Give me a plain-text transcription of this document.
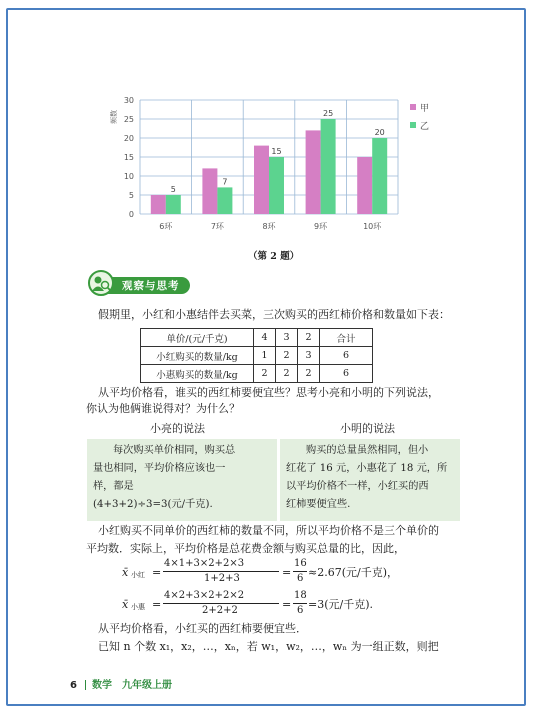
0
5
10
15
20
25
30
频数
5
6环
7
7环
15
8环
25
9环
20
10环
甲
乙
（第 2 题）
观察与思考
假期里，小红和小惠结伴去买菜，三次购买的西红柿价格和数量如下表：
单价/(元/千克)	4	3	2	合计
小红购买的数量/kg	1	2	3	6
小惠购买的数量/kg	2	2	2	6
从平均价格看，谁买的西红柿要便宜些？思考小亮和小明的下列说法，
你认为他俩谁说得对？为什么？
小亮的说法	小明的说法

每次购买单价相同，购买总

量也相同，平均价格应该也一

样，都是

(4+3+2)÷3=3(元/千克).

购买的总量虽然相同，但小

红花了 16 元，小惠花了 18 元，所

以平均价格不一样，小红买的西

红柿要便宜些.

小红购买不同单价的西红柿的数量不同，所以平均价格不是三个单价的
平均数．实际上，平均价格是总花费金额与购买总量的比，因此，
x̄ 小红 =
4×1+3×2+2×3
1+2+3	=
16
6 ≈2.67(元/千克)，
x̄ 小惠 =
4×2+3×2+2×2
2+2+2	=
18
6 =3(元/千克).
从平均价格看，小红买的西红柿要便宜些．
已知 n 个数 x₁，x₂，…，xₙ，若 w₁，w₂，…，wₙ 为一组正数，则把
6 数学　九年级上册
